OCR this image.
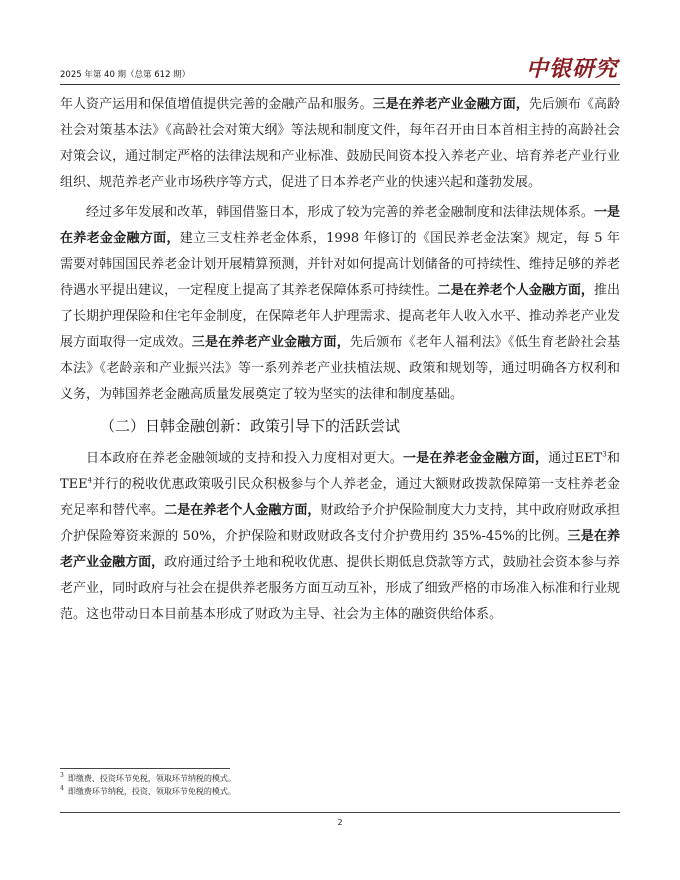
2025 年第 40 期（总第 612 期）	中银研究

年人资产运用和保值增值提供完善的金融产品和服务。三是在养老产业金融方面，先后颁布《高龄社会对策基本法》《高龄社会对策大纲》等法规和制度文件，每年召开由日本首相主持的高龄社会对策会议，通过制定严格的法律法规和产业标准、鼓励民间资本投入养老产业、培育养老产业行业组织、规范养老产业市场秩序等方式，促进了日本养老产业的快速兴起和蓬勃发展。

经过多年发展和改革，韩国借鉴日本，形成了较为完善的养老金融制度和法律法规体系。一是在养老金金融方面，建立三支柱养老金体系，1998 年修订的《国民养老金法案》规定，每 5 年需要对韩国国民养老金计划开展精算预测，并针对如何提高计划储备的可持续性、维持足够的养老待遇水平提出建议，一定程度上提高了其养老保障体系可持续性。二是在养老个人金融方面，推出了长期护理保险和住宅年金制度，在保障老年人护理需求、提高老年人收入水平、推动养老产业发展方面取得一定成效。三是在养老产业金融方面，先后颁布《老年人福利法》《低生育老龄社会基本法》《老龄亲和产业振兴法》等一系列养老产业扶植法规、政策和规划等，通过明确各方权利和义务，为韩国养老金融高质量发展奠定了较为坚实的法律和制度基础。

（二）日韩金融创新：政策引导下的活跃尝试

日本政府在养老金融领域的支持和投入力度相对更大。一是在养老金金融方面，通过EET$^3$和TEE$^4$并行的税收优惠政策吸引民众积极参与个人养老金，通过大额财政拨款保障第一支柱养老金充足率和替代率。二是在养老个人金融方面，财政给予介护保险制度大力支持，其中政府财政承担介护保险筹资来源的 50%，介护保险和财政财政各支付介护费用约 35%-45%的比例。三是在养老产业金融方面，政府通过给予土地和税收优惠、提供长期低息贷款等方式，鼓励社会资本参与养老产业，同时政府与社会在提供养老服务方面互动互补，形成了细致严格的市场准入标准和行业规范。这也带动日本目前基本形成了财政为主导、社会为主体的融资供给体系。

$^3$ 即缴费、投资环节免税，领取环节纳税的模式。
$^4$ 即缴费环节纳税，投资、领取环节免税的模式。
2
